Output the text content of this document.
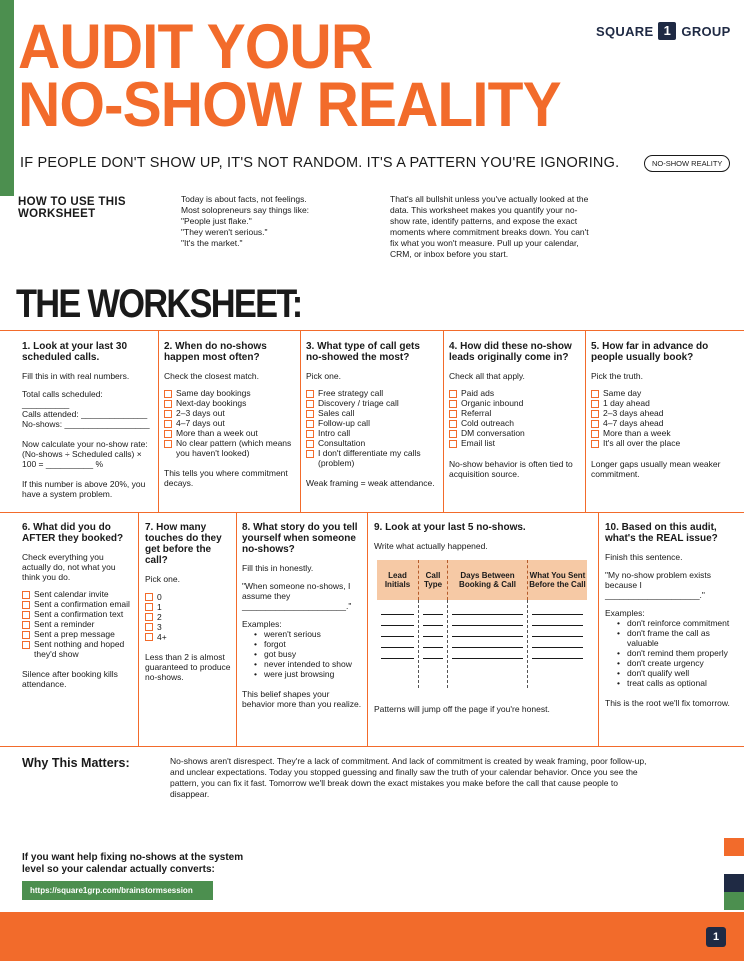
AUDIT YOUR
NO-SHOW REALITY
SQUARE 1 GROUP
IF PEOPLE DON'T SHOW UP, IT'S NOT RANDOM. IT'S A PATTERN YOU'RE IGNORING.	NO-SHOW REALITY
HOW TO USE THIS WORKSHEET
Today is about facts, not feelings.
Most solopreneurs say things like:
"People just flake."
"They weren't serious."
"It's the market."
That's all bullshit unless you've actually looked at the data. This worksheet makes you quantify your no-show rate, identify patterns, and expose the exact moments where commitment breaks down. You can't fix what you won't measure. Pull up your calendar, CRM, or inbox before you start.
THE WORKSHEET:
1. Look at your last 30 scheduled calls.

Fill this in with real numbers.

Total calls scheduled: __________
Calls attended: ______________
No-shows: __________________
Now calculate your no-show rate:
(No-shows ÷ Scheduled calls) ×
100 = __________ %

If this number is above 20%, you have a system problem.

2. When do no-shows happen most often?

Check the closest match.

Same day bookings
Next-day bookings
2–3 days out
4–7 days out
More than a week out
No clear pattern (which means you haven't looked)

This tells you where commitment decays.

3. What type of call gets no-showed the most?

Pick one.

Free strategy call
Discovery / triage call
Sales call
Follow-up call
Intro call
Consultation
I don't differentiate my calls (problem)

Weak framing = weak attendance.

4. How did these no-show leads originally come in?

Check all that apply.

Paid ads
Organic inbound
Referral
Cold outreach
DM conversation
Email list

No-show behavior is often tied to acquisition source.

5. How far in advance do people usually book?

Pick the truth.

Same day
1 day ahead
2–3 days ahead
4–7 days ahead
More than a week
It's all over the place

Longer gaps usually mean weaker commitment.

6. What did you do AFTER they booked?

Check everything you actually do, not what you think you do.

Sent calendar invite
Sent a confirmation email
Sent a confirmation text
Sent a reminder
Sent a prep message
Sent nothing and hoped they'd show

Silence after booking kills attendance.

7. How many touches do they get before the call?

Pick one.

0
1
2
3
4+

Less than 2 is almost guaranteed to produce no-shows.

8. What story do you tell yourself when someone no-shows?

Fill this in honestly.

"When someone no-shows, I assume they ______________________."

Examples:
• weren't serious
• forgot
• got busy
• never intended to show
• were just browsing

This belief shapes your behavior more than you realize.

9. Look at your last 5 no-shows.

Write what actually happened.

Lead Initials
Call Type
Days Between Booking & Call
What You Sent Before the Call
Patterns will jump off the page if you're honest.
10. Based on this audit, what's the REAL issue?

Finish this sentence.

"My no-show problem exists because I ____________________."

Examples:
• don't reinforce commitment
• don't frame the call as valuable
• don't remind them properly
• don't create urgency
• don't qualify well
• treat calls as optional

This is the root we'll fix tomorrow.

Why This Matters:	No-shows aren't disrespect. They're a lack of commitment. And lack of commitment is created by weak framing, poor follow-up, and unclear expectations. Today you stopped guessing and finally saw the truth of your calendar behavior. Once you see the pattern, you can fix it fast. Tomorrow we'll break down the exact mistakes you make before the call that cause people to disappear.
If you want help fixing no-shows at the system level so your calendar actually converts:
https://square1grp.com/brainstormsession
1
